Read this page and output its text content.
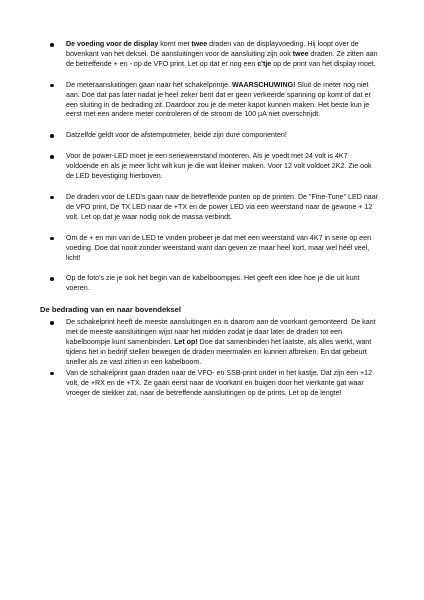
De voeding voor de display komt met twee draden van de displayvoeding. Hij loopt over de bovenkant van het deksel. De aansluitingen voor de aansluiting zijn ook twee draden. Ze zitten aan de betreffende + en - op de VFO print. Let op dat er nog een c'tje op de print van het display moet.

De meteraansluitingen gaan naar het schakelprintje. WAARSCHUWING! Sluit de meter nog niet aan. Doe dat pas later nadat je heel zeker bent dat er geen verkeerde spanning op komt of dat er een sluiting in de bedrading zit. Daardoor zou je de meter kapot kunnen maken. Het beste kun je eerst met een andere meter controleren of de stroom de 100 µA niet overschrijdt.

Datzelfde geldt voor de afstemputmeter, beide zijn dure componenten!

Voor de power-LED moet je een serieweerstand monteren. Als je voedt met 24 volt is 4K7 voldoende en als je meer licht wilt kun je die wat kleiner maken. Voor 12 volt voldoet 2K2. Zie ook de LED bevestiging hierboven.

De draden voor de LED's gaan naar de betreffende punten op de printen. De "Fine-Tune" LED naar de VFO print, De TX LED naar de +TX en de power LED via een weerstand naar de gewone + 12 volt. Let op dat je waar nodig ook de massa verbindt.

Om de + en min van de LED te vinden probeer je dat met een weerstand van 4K7 in serie op een voeding. Doe dat nooit zonder weerstand want dan geven ze maar heel kort, maar wel héél veel, licht!

Op de foto's zie je ook het begin van de kabelboompjes. Het geeft een idee hoe je die uit kunt voeren.

De bedrading van en naar bovendeksel

De schakelprint heeft de meeste aansluitingen en is daarom aan de voorkant gemonteerd. De kant met de meeste aansluitingen wijst naar het midden zodat je daar later de draden tot een kabelboompje kunt samenbinden. Let op! Doe dat samenbinden het laatste, als alles werkt, want tijdens het in bedrijf stellen bewegen de draden meermalen en kunnen afbreken. En dat gebeurt sneller als ze vast zitten in een kabelboom.

Van de schakelprint gaan draden naar de VFO- en SSB-print onder in het kastje. Dat zijn een +12 volt, de +RX en de +TX. Ze gaan eerst naar de voorkant en buigen door het vierkante gat waar vroeger de stekker zat, naar de betreffende aansluitingen op de prints. Let op de lengte!
